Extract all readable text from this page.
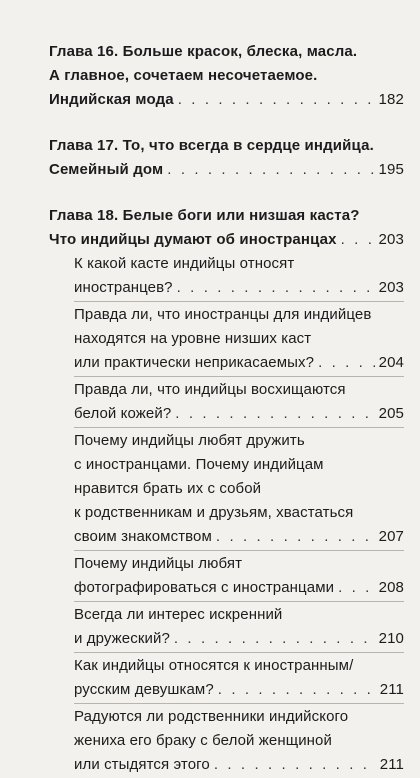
Глава 16. Больше красок, блеска, масла.
А главное, сочетаем несочетаемое.
Индийская мода . . .	182
Глава 17. То, что всегда в сердце индийца.
Семейный дом . . .	195
Глава 18. Белые боги или низшая каста?
Что индийцы думают об иностранцах . . .	203
К какой касте индийцы относят
иностранцев? . . .	203
Правда ли, что иностранцы для индийцев
находятся на уровне низших каст
или практически неприкасаемых? . . .	204
Правда ли, что индийцы восхищаются
белой кожей? . . .	205
Почему индийцы любят дружить
с иностранцами. Почему индийцам
нравится брать их с собой
к родственникам и друзьям, хвастаться
своим знакомством . . .	207
Почему индийцы любят
фотографироваться с иностранцами . . .	208
Всегда ли интерес искренний
и дружеский? . . .	210
Как индийцы относятся к иностранным/
русским девушкам? . . .	211
Радуются ли родственники индийского
жениха его браку с белой женщиной
или стыдятся этого . . .	211
